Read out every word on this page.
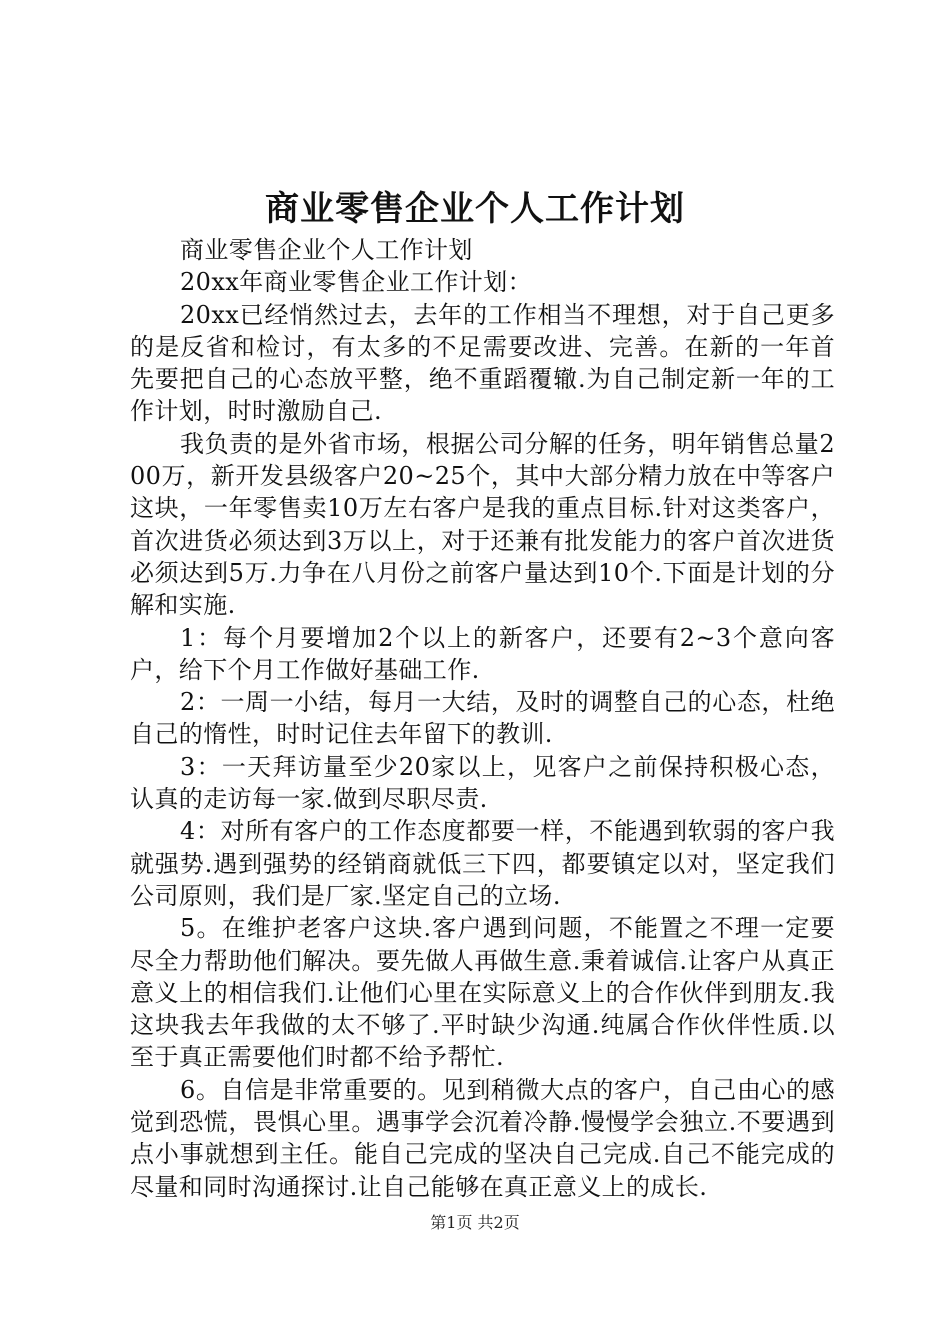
商业零售企业个人工作计划

商业零售企业个人工作计划

20xx年商业零售企业工作计划：

20xx已经悄然过去，去年的工作相当不理想，对于自己更多的是反省和检讨，有太多的不足需要改进、完善。在新的一年首先要把自己的心态放平整，绝不重蹈覆辙.为自己制定新一年的工作计划，时时激励自己.

我负责的是外省市场，根据公司分解的任务，明年销售总量200万，新开发县级客户20~25个，其中大部分精力放在中等客户这块，一年零售卖10万左右客户是我的重点目标.针对这类客户，首次进货必须达到3万以上，对于还兼有批发能力的客户首次进货必须达到5万.力争在八月份之前客户量达到10个.下面是计划的分解和实施.

1：每个月要增加2个以上的新客户，还要有2~3个意向客户，给下个月工作做好基础工作.

2：一周一小结，每月一大结，及时的调整自己的心态，杜绝自己的惰性，时时记住去年留下的教训.

3：一天拜访量至少20家以上，见客户之前保持积极心态，认真的走访每一家.做到尽职尽责.

4：对所有客户的工作态度都要一样，不能遇到软弱的客户我就强势.遇到强势的经销商就低三下四，都要镇定以对，坚定我们公司原则，我们是厂家.坚定自己的立场.

5。在维护老客户这块.客户遇到问题，不能置之不理一定要尽全力帮助他们解决。要先做人再做生意.秉着诚信.让客户从真正意义上的相信我们.让他们心里在实际意义上的合作伙伴到朋友.我这块我去年我做的太不够了.平时缺少沟通.纯属合作伙伴性质.以至于真正需要他们时都不给予帮忙.

6。自信是非常重要的。见到稍微大点的客户，自己由心的感觉到恐慌，畏惧心里。遇事学会沉着冷静.慢慢学会独立.不要遇到点小事就想到主任。能自己完成的坚决自己完成.自己不能完成的尽量和同时沟通探讨.让自己能够在真正意义上的成长.

第1页 共2页
